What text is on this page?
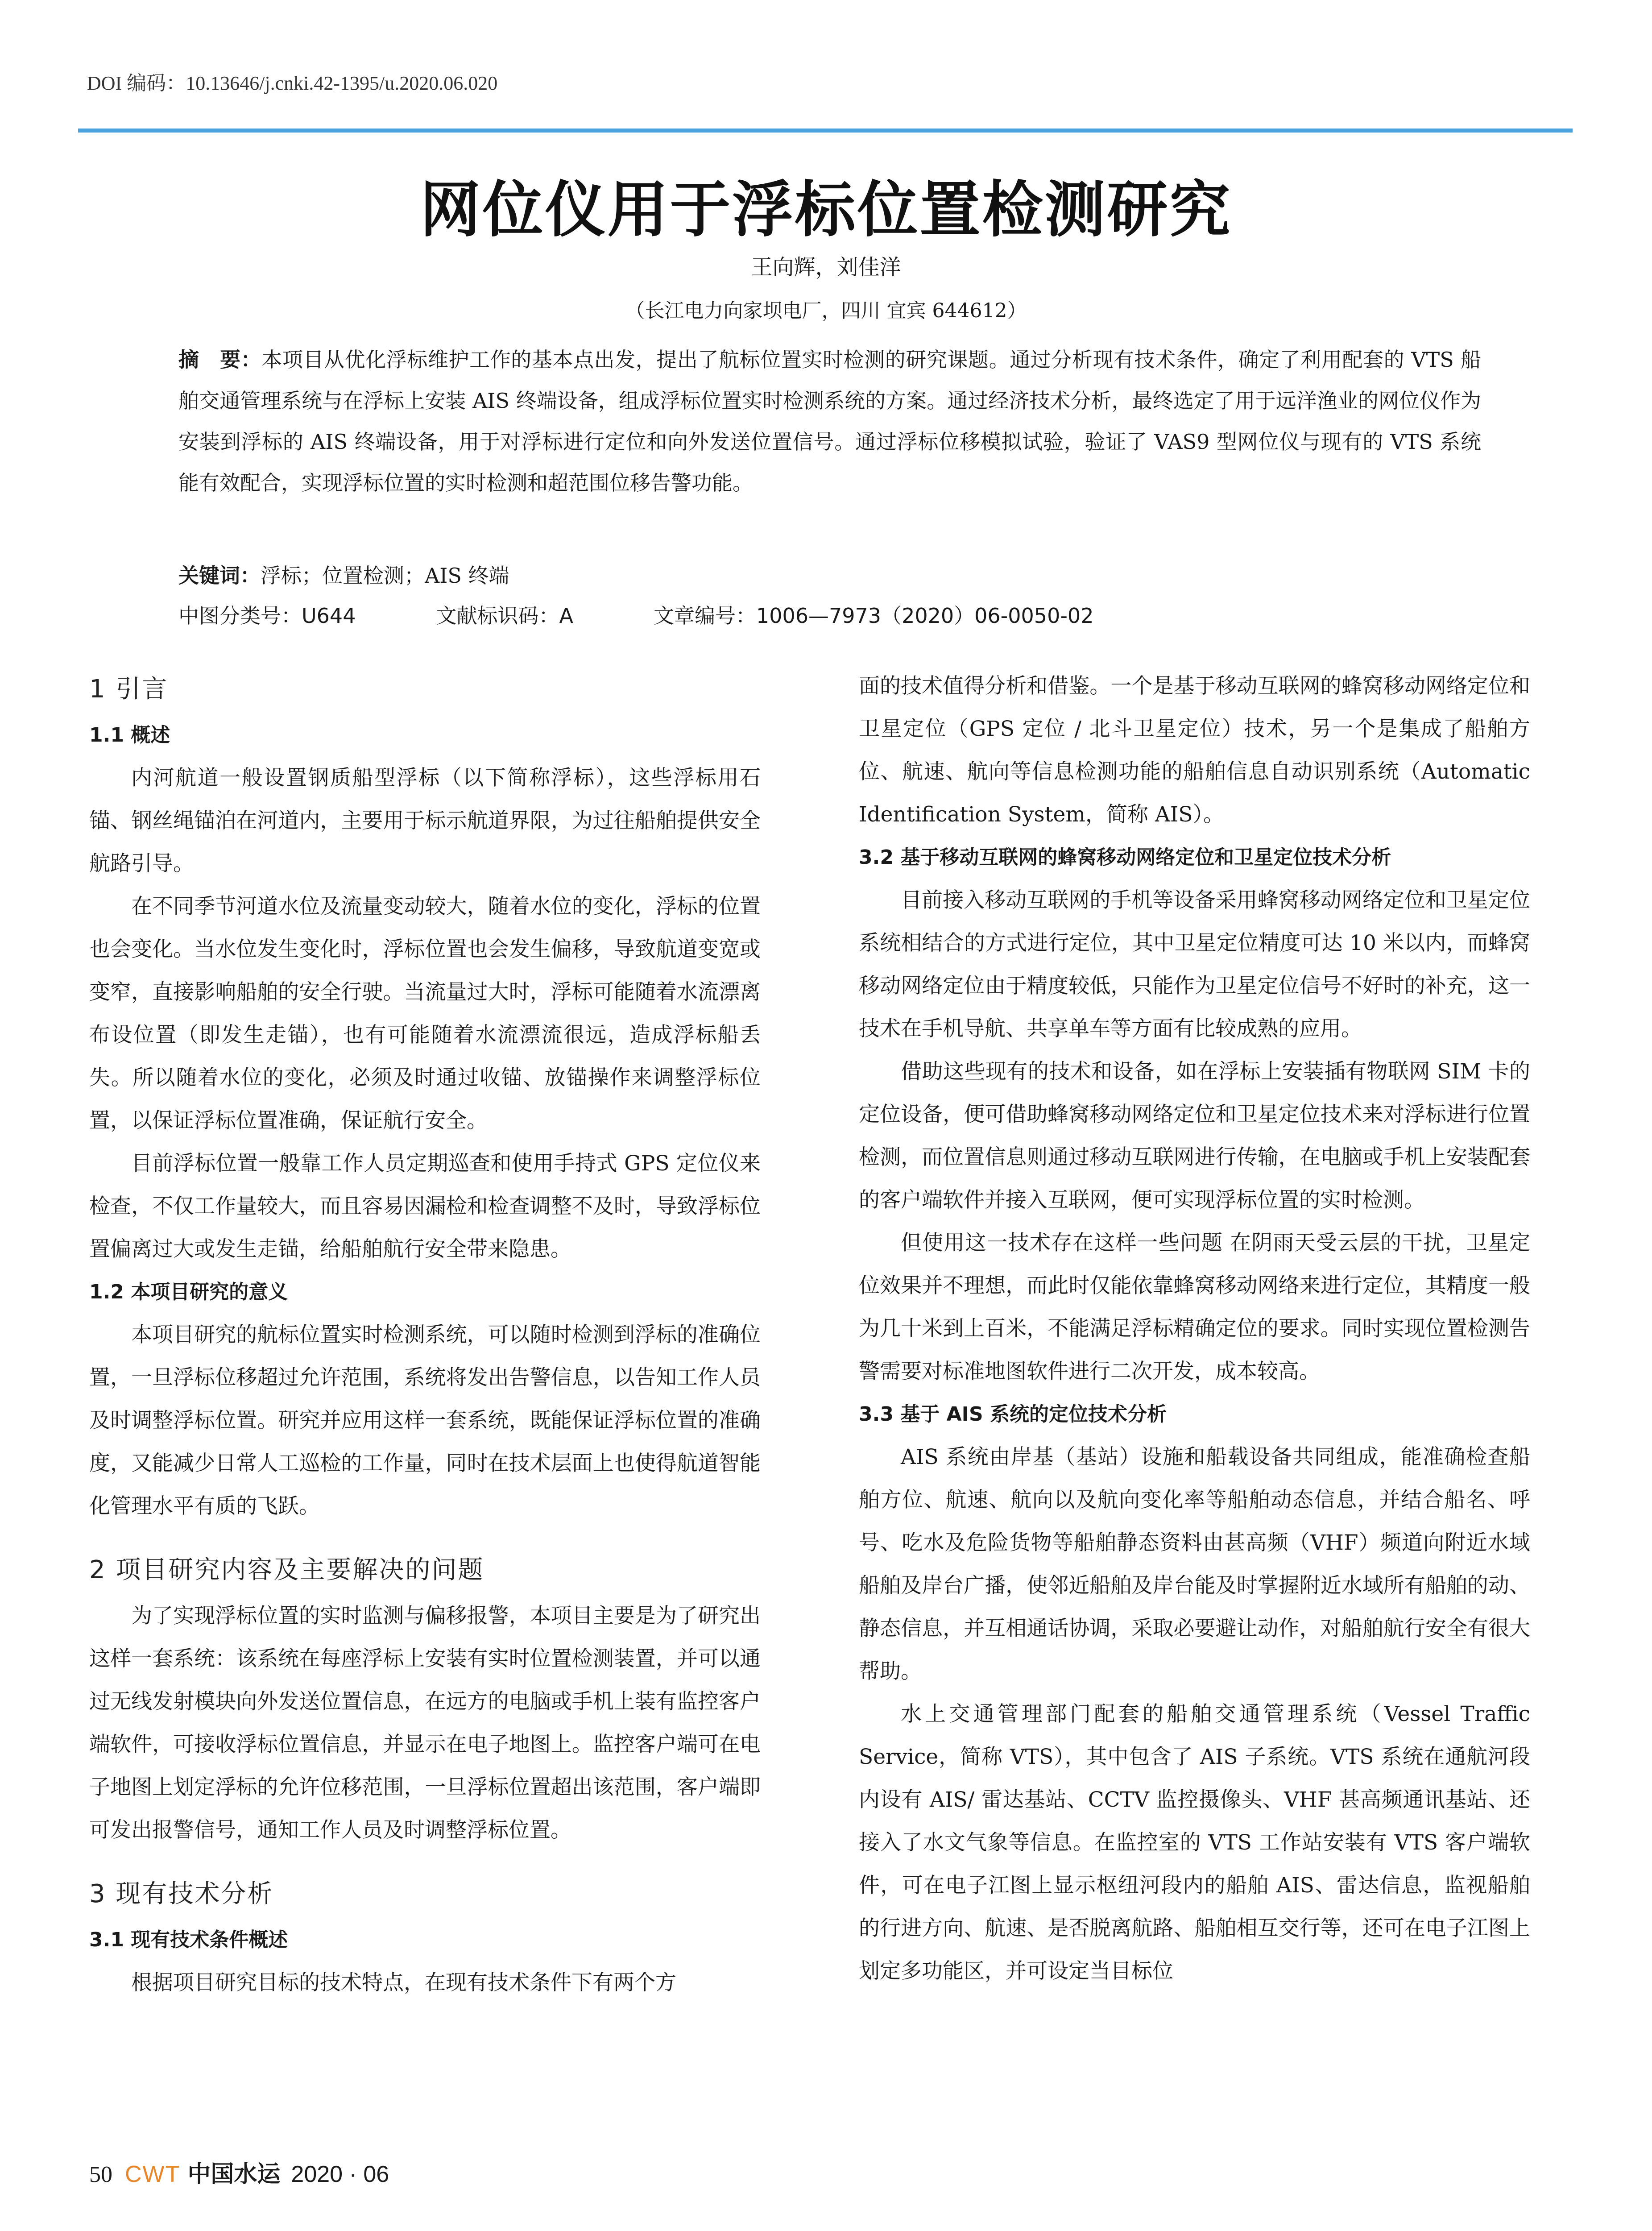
DOI 编码：10.13646/j.cnki.42-1395/u.2020.06.020
网位仪用于浮标位置检测研究
王向辉，刘佳洋
（长江电力向家坝电厂，四川 宜宾 644612）
摘　要：本项目从优化浮标维护工作的基本点出发，提出了航标位置实时检测的研究课题。通过分析现有技术条件，确定了利用配套的 VTS 船舶交通管理系统与在浮标上安装 AIS 终端设备，组成浮标位置实时检测系统的方案。通过经济技术分析，最终选定了用于远洋渔业的网位仪作为安装到浮标的 AIS 终端设备，用于对浮标进行定位和向外发送位置信号。通过浮标位移模拟试验，验证了 VAS9 型网位仪与现有的 VTS 系统能有效配合，实现浮标位置的实时检测和超范围位移告警功能。
关键词：浮标；位置检测；AIS 终端
中图分类号：U644	文献标识码：A	文章编号：1006—7973（2020）06-0050-02
1 引言
1.1 概述

内河航道一般设置钢质船型浮标（以下简称浮标），这些浮标用石锚、钢丝绳锚泊在河道内，主要用于标示航道界限，为过往船舶提供安全航路引导。

在不同季节河道水位及流量变动较大，随着水位的变化，浮标的位置也会变化。当水位发生变化时，浮标位置也会发生偏移，导致航道变宽或变窄，直接影响船舶的安全行驶。当流量过大时，浮标可能随着水流漂离布设位置（即发生走锚），也有可能随着水流漂流很远，造成浮标船丢失。所以随着水位的变化，必须及时通过收锚、放锚操作来调整浮标位置，以保证浮标位置准确，保证航行安全。

目前浮标位置一般靠工作人员定期巡查和使用手持式 GPS 定位仪来检查，不仅工作量较大，而且容易因漏检和检查调整不及时，导致浮标位置偏离过大或发生走锚，给船舶航行安全带来隐患。

1.2 本项目研究的意义

本项目研究的航标位置实时检测系统，可以随时检测到浮标的准确位置，一旦浮标位移超过允许范围，系统将发出告警信息，以告知工作人员及时调整浮标位置。研究并应用这样一套系统，既能保证浮标位置的准确度，又能减少日常人工巡检的工作量，同时在技术层面上也使得航道智能化管理水平有质的飞跃。

2 项目研究内容及主要解决的问题

为了实现浮标位置的实时监测与偏移报警，本项目主要是为了研究出这样一套系统：该系统在每座浮标上安装有实时位置检测装置，并可以通过无线发射模块向外发送位置信息，在远方的电脑或手机上装有监控客户端软件，可接收浮标位置信息，并显示在电子地图上。监控客户端可在电子地图上划定浮标的允许位移范围，一旦浮标位置超出该范围，客户端即可发出报警信号，通知工作人员及时调整浮标位置。

3 现有技术分析
3.1 现有技术条件概述

根据项目研究目标的技术特点，在现有技术条件下有两个方

面的技术值得分析和借鉴。一个是基于移动互联网的蜂窝移动网络定位和卫星定位（GPS 定位 / 北斗卫星定位）技术，另一个是集成了船舶方位、航速、航向等信息检测功能的船舶信息自动识别系统（Automatic Identification System，简称 AIS）。

3.2 基于移动互联网的蜂窝移动网络定位和卫星定位技术分析

目前接入移动互联网的手机等设备采用蜂窝移动网络定位和卫星定位系统相结合的方式进行定位，其中卫星定位精度可达 10 米以内，而蜂窝移动网络定位由于精度较低，只能作为卫星定位信号不好时的补充，这一技术在手机导航、共享单车等方面有比较成熟的应用。

借助这些现有的技术和设备，如在浮标上安装插有物联网 SIM 卡的定位设备，便可借助蜂窝移动网络定位和卫星定位技术来对浮标进行位置检测，而位置信息则通过移动互联网进行传输，在电脑或手机上安装配套的客户端软件并接入互联网，便可实现浮标位置的实时检测。

但使用这一技术存在这样一些问题 在阴雨天受云层的干扰，卫星定位效果并不理想，而此时仅能依靠蜂窝移动网络来进行定位，其精度一般为几十米到上百米，不能满足浮标精确定位的要求。同时实现位置检测告警需要对标准地图软件进行二次开发，成本较高。

3.3 基于 AIS 系统的定位技术分析

AIS 系统由岸基（基站）设施和船载设备共同组成，能准确检查船舶方位、航速、航向以及航向变化率等船舶动态信息，并结合船名、呼号、吃水及危险货物等船舶静态资料由甚高频（VHF）频道向附近水域船舶及岸台广播，使邻近船舶及岸台能及时掌握附近水域所有船舶的动、静态信息，并互相通话协调，采取必要避让动作，对船舶航行安全有很大帮助。

水上交通管理部门配套的船舶交通管理系统（Vessel Traffic Service，简称 VTS），其中包含了 AIS 子系统。VTS 系统在通航河段内设有 AIS/ 雷达基站、CCTV 监控摄像头、VHF 甚高频通讯基站、还接入了水文气象等信息。在监控室的 VTS 工作站安装有 VTS 客户端软件，可在电子江图上显示枢纽河段内的船舶 AIS、雷达信息，监视船舶的行进方向、航速、是否脱离航路、船舶相互交行等，还可在电子江图上划定多功能区，并可设定当目标位

50 CWT 中国水运 2020 · 06
